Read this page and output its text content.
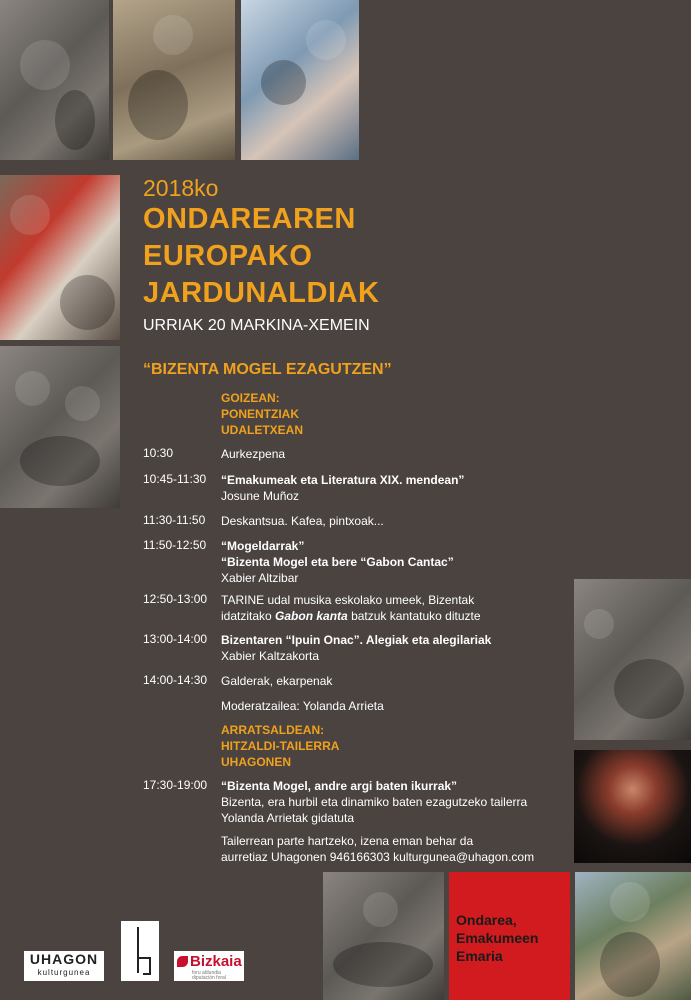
2018ko
ONDAREAREN
EUROPAKO
JARDUNALDIAK
URRIAK 20 MARKINA-XEMEIN
“BIZENTA MOGEL EZAGUTZEN”
GOIZEAN:
PONENTZIAK
UDALETXEAN
10:30	Aurkezpena
10:45-11:30 “Emakumeak eta Literatura XIX. mendean”
Josune Muñoz
11:30-11:50 Deskantsua. Kafea, pintxoak...
11:50-12:50 “Mogeldarrak”
“Bizenta Mogel eta bere “Gabon Cantac”
Xabier Altzibar
12:50-13:00 TARINE udal musika eskolako umeek, Bizentak
idatzitako Gabon kanta batzuk kantatuko dituzte
13:00-14:00 Bizentaren “Ipuin Onac”. Alegiak eta alegilariak
Xabier Kaltzakorta
14:00-14:30 Galderak, ekarpenak
Moderatzailea: Yolanda Arrieta
ARRATSALDEAN:
HITZALDI-TAILERRA
UHAGONEN
17:30-19:00 “Bizenta Mogel, andre argi baten ikurrak”
Bizenta, era hurbil eta dinamiko baten ezagutzeko tailerra
Yolanda Arrietak gidatuta
Tailerrean parte hartzeko, izena eman behar da
aurretiaz Uhagonen 946166303 kulturgunea@uhagon.com
UHAGON
kulturgunea
Bizkaia
foru aldundia diputación foral
Ondarea,
Emakumeen
Emaria
